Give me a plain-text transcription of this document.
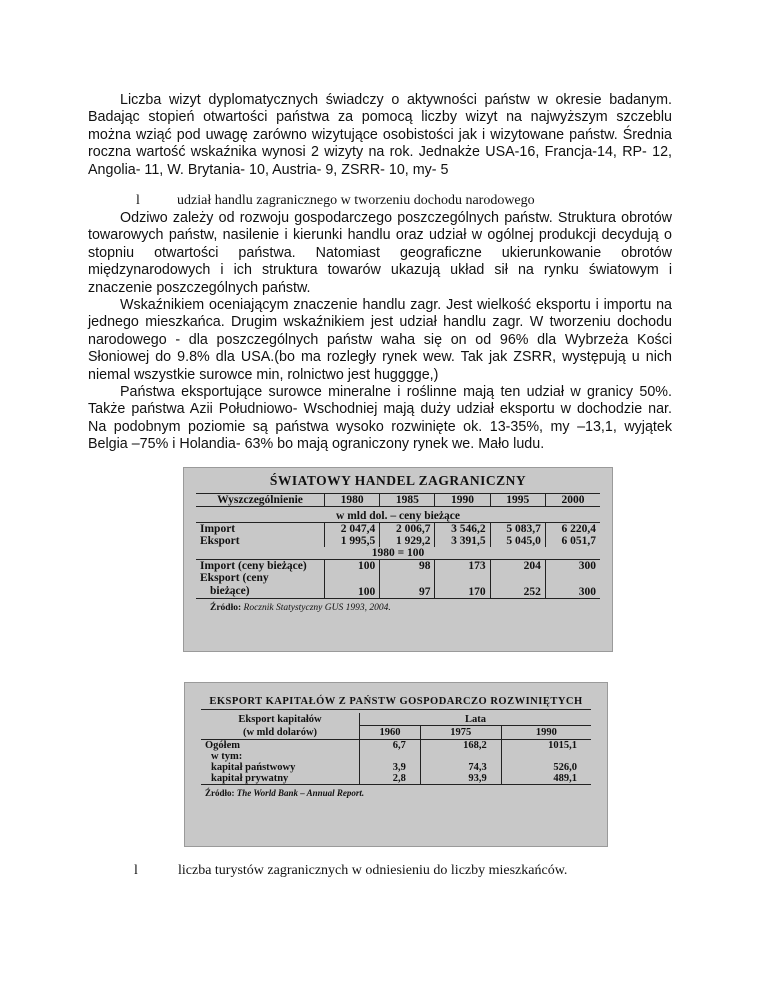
Liczba wizyt dyplomatycznych świadczy o aktywności państw w okresie badanym. Badając stopień otwartości państwa za pomocą liczby wizyt na najwyższym szczeblu można wziąć pod uwagę zarówno wizytujące osobistości jak i wizytowane państw. Średnia roczna wartość wskaźnika wynosi 2 wizyty na rok. Jednakże USA-16, Francja-14, RP- 12, Angolia- 11, W. Brytania- 10, Austria- 9, ZSRR- 10, my- 5

l	udział handlu zagranicznego w tworzeniu dochodu narodowego

Odziwo zależy od rozwoju gospodarczego poszczególnych państw. Struktura obrotów towarowych państw, nasilenie i kierunki handlu oraz udział w ogólnej produkcji decydują o stopniu otwartości państwa. Natomiast geograficzne ukierunkowanie obrotów międzynarodowych i ich struktura towarów ukazują układ sił na rynku światowym i znaczenie poszczególnych państw.

Wskaźnikiem oceniającym znaczenie handlu zagr. Jest wielkość eksportu i importu na jednego mieszkańca. Drugim wskaźnikiem jest udział handlu zagr. W tworzeniu dochodu narodowego - dla poszczególnych państw waha się on od 96% dla Wybrzeża Kości Słoniowej do 9.8% dla USA.(bo ma rozległy rynek wew. Tak jak ZSRR, występują u nich niemal wszystkie surowce min, rolnictwo jest hugggge,)

Państwa eksportujące surowce mineralne i roślinne mają ten udział w granicy 50%. Także państwa Azii Południowo- Wschodniej mają duży udział eksportu w dochodzie nar. Na podobnym poziomie są państwa wysoko rozwinięte ok. 13-35%, my –13,1, wyjątek Belgia –75% i Holandia- 63% bo mają ograniczony rynek we. Mało ludu.

ŚWIATOWY HANDEL ZAGRANICZNY
Wyszczególnienie	1980	1985	1990	1995	2000
w mld dol. – ceny bieżące					
Import	2 047,4	2 006,7	3 546,2	5 083,7	6 220,4
Eksport	1 995,5	1 929,2	3 391,5	5 045,0	6 051,7
1980 = 100					
Import (ceny bieżące)	100	98	173	204	300
Eksport (ceny
bieżące)	100	97	170	252	300
Źródło: Rocznik Statystyczny GUS 1993, 2004.					
EKSPORT KAPITAŁÓW Z PAŃSTW GOSPODARCZO ROZWINIĘTYCH
Eksport kapitałów
(w mld dolarów)	Lata		
	1960	1975	1990
Ogółem	6,7	168,2	1015,1
w tym:			
kapitał państwowy	3,9	74,3	526,0
kapitał prywatny	2,8	93,9	489,1
Źródło: The World Bank – Annual Report.			
l	liczba turystów zagranicznych w odniesieniu do liczby mieszkańców.
